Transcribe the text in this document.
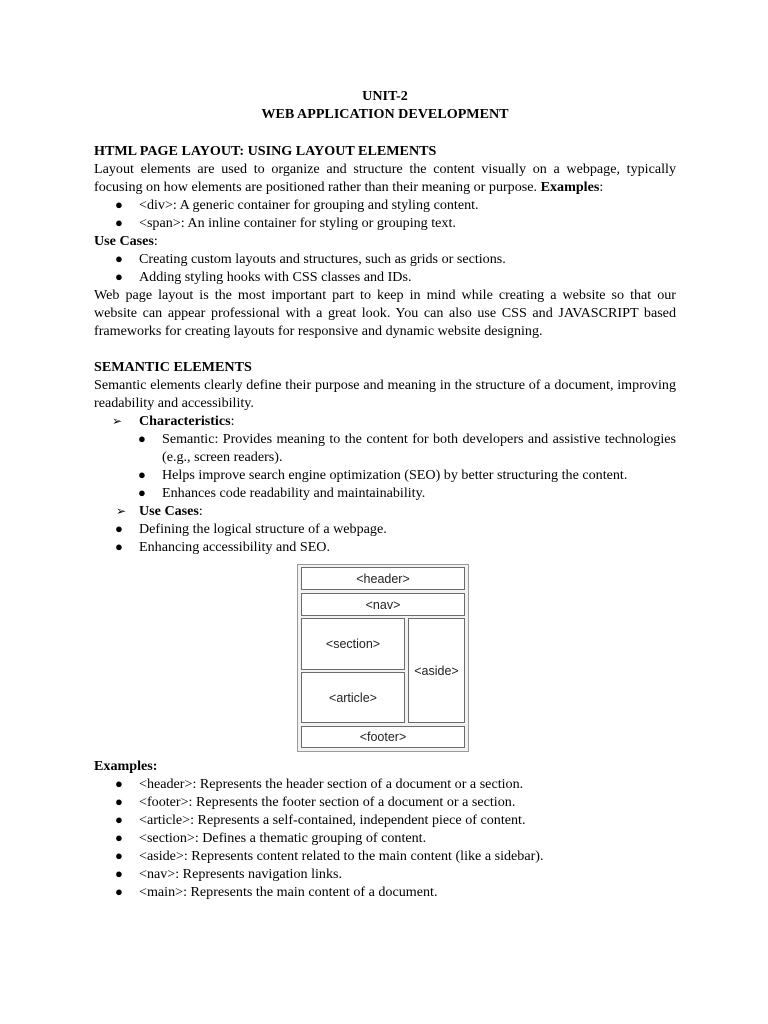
UNIT-2

WEB APPLICATION DEVELOPMENT

HTML PAGE LAYOUT: USING LAYOUT ELEMENTS

Layout elements are used to organize and structure the content visually on a webpage, typically focusing on how elements are positioned rather than their meaning or purpose. Examples:

● <div>: A generic container for grouping and styling content.
● <span>: An inline container for styling or grouping text.

Use Cases:

● Creating custom layouts and structures, such as grids or sections.
● Adding styling hooks with CSS classes and IDs.

Web page layout is the most important part to keep in mind while creating a website so that our website can appear professional with a great look. You can also use CSS and JAVASCRIPT based frameworks for creating layouts for responsive and dynamic website designing.

SEMANTIC ELEMENTS

Semantic elements clearly define their purpose and meaning in the structure of a document, improving readability and accessibility.

➢ Characteristics:
● Semantic: Provides meaning to the content for both developers and assistive technologies (e.g., screen readers).
● Helps improve search engine optimization (SEO) by better structuring the content.
● Enhances code readability and maintainability.
➢ Use Cases:
● Defining the logical structure of a webpage.
● Enhancing accessibility and SEO.

Examples:

● <header>: Represents the header section of a document or a section.
● <footer>: Represents the footer section of a document or a section.
● <article>: Represents a self-contained, independent piece of content.
● <section>: Defines a thematic grouping of content.
● <aside>: Represents content related to the main content (like a sidebar).
● <nav>: Represents navigation links.
● <main>: Represents the main content of a document.
<header>
<nav>
<section>
<article>
<aside>
<footer>
